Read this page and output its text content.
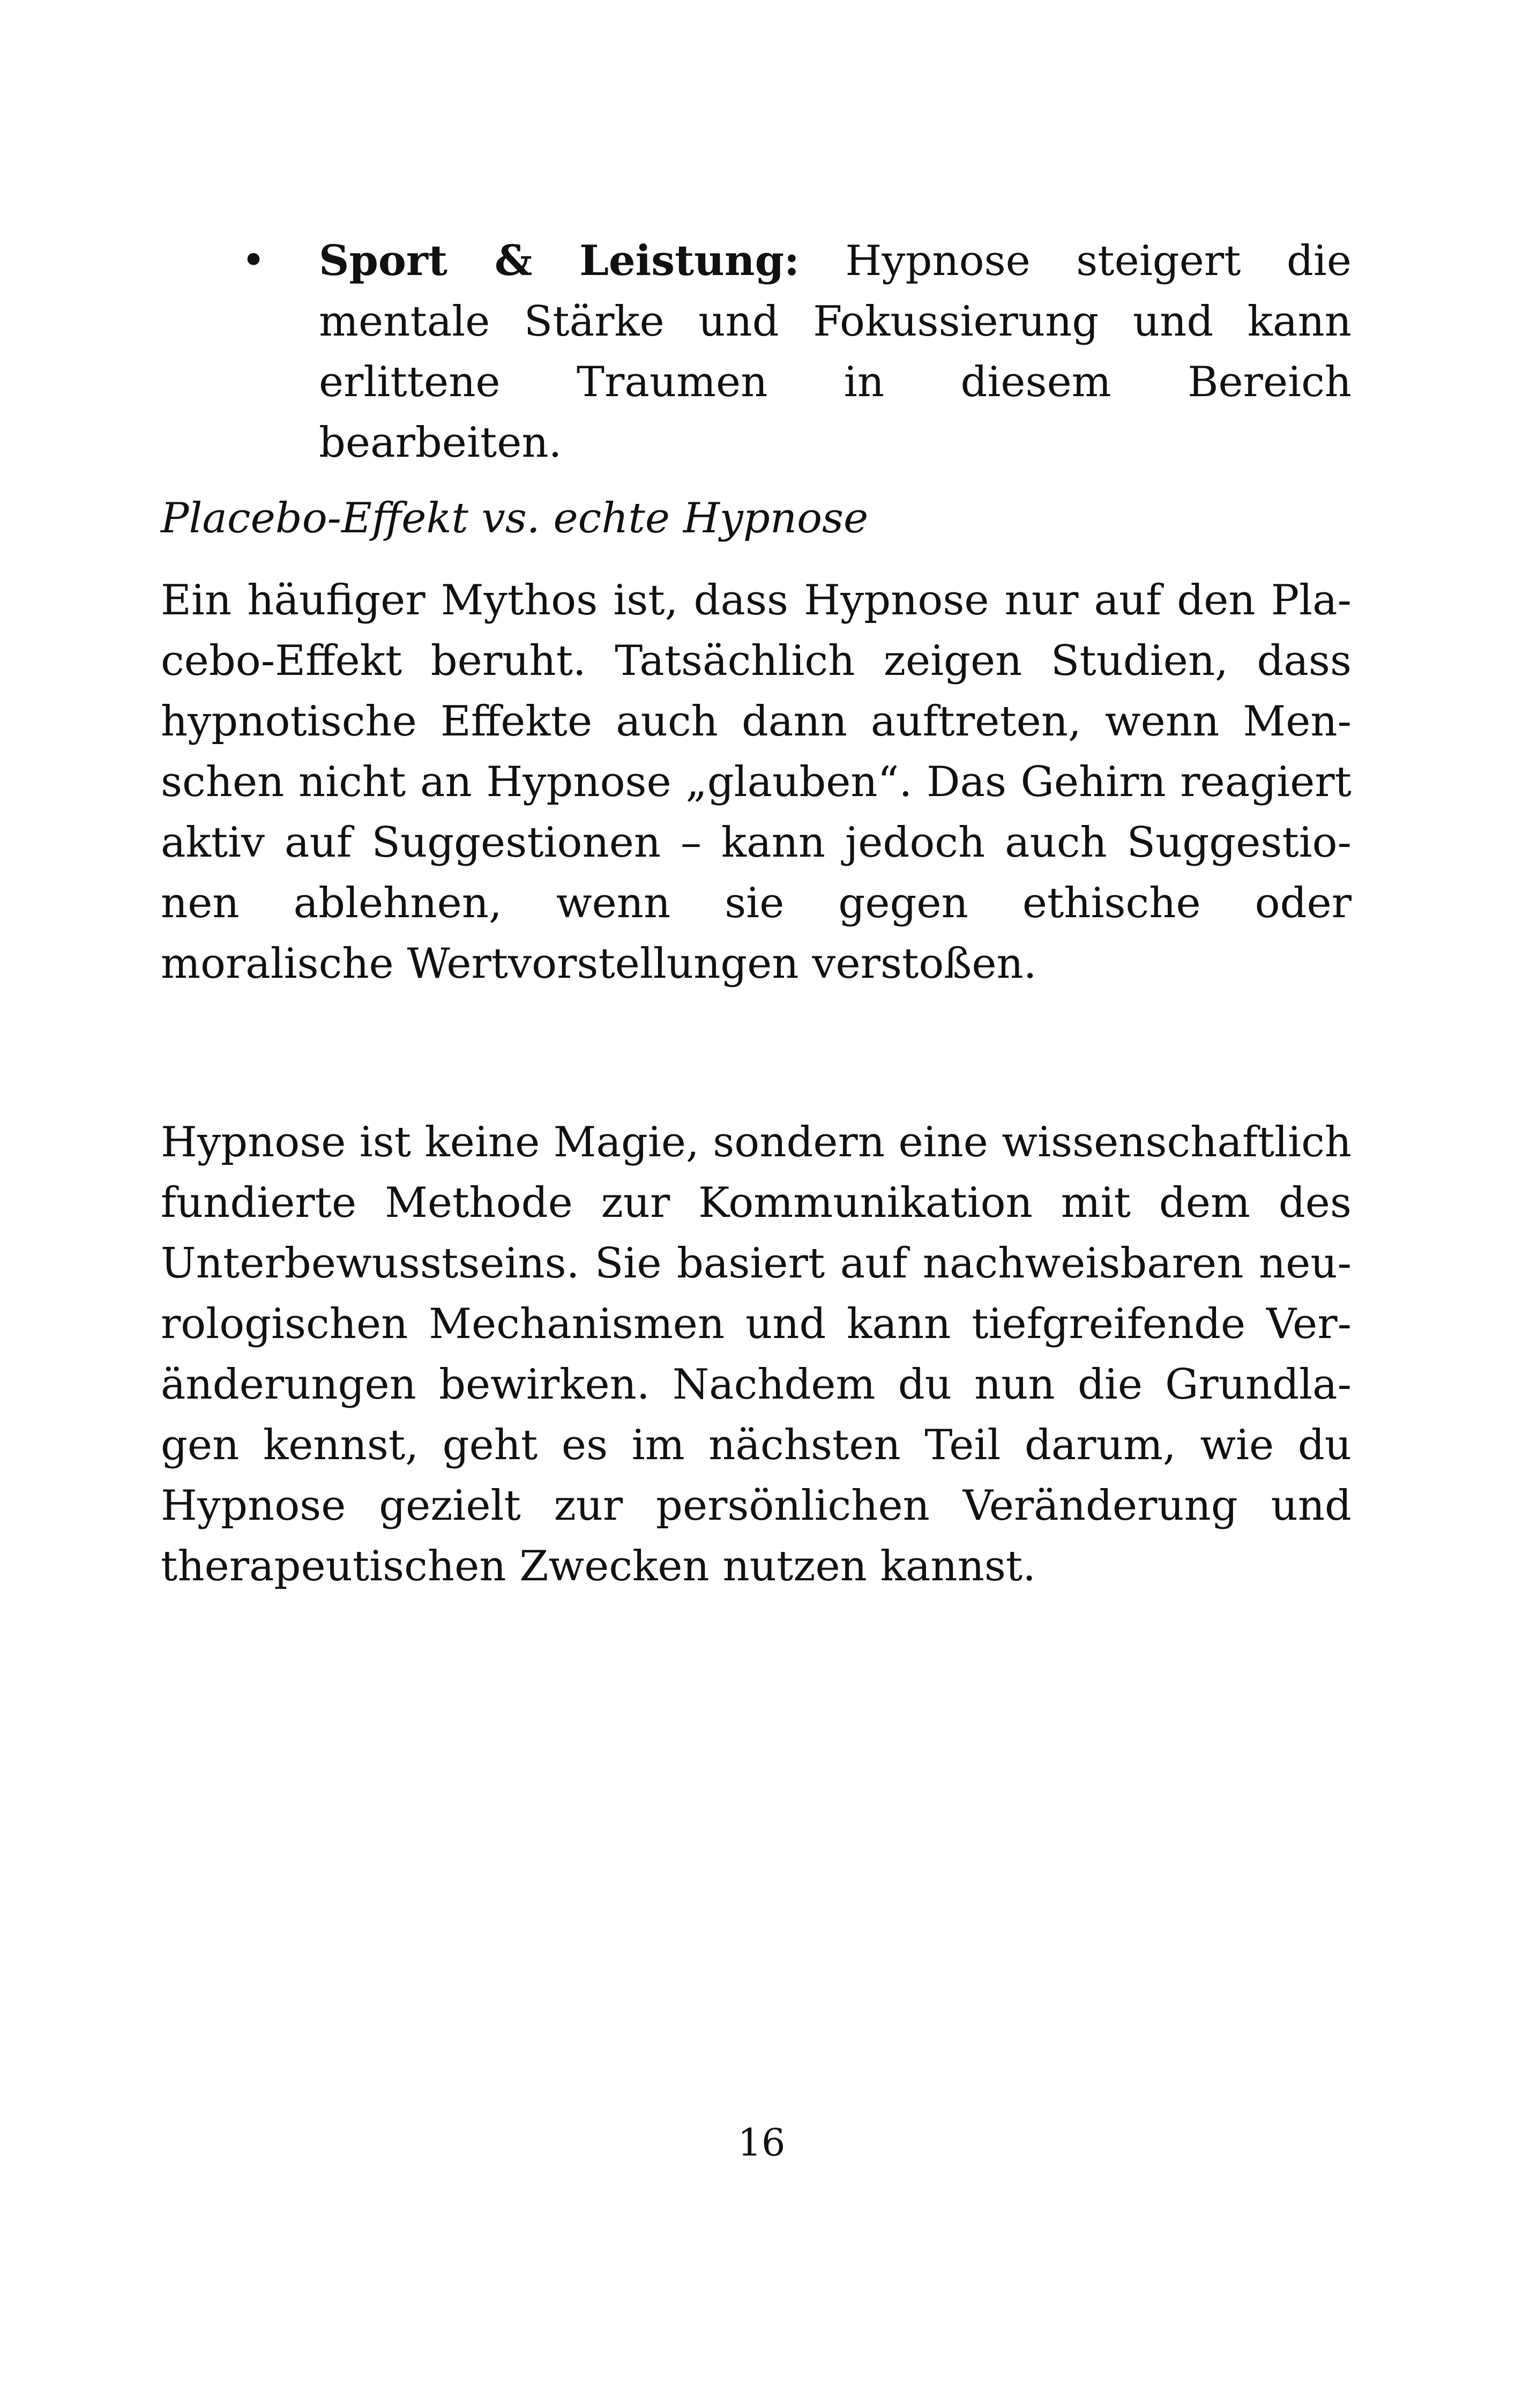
• Sport & Leistung: Hypnose steigert die mentale Stärke und Fokussierung und kann erlittene Traumen in diesem Bereich bearbeiten.

Placebo-Effekt vs. echte Hypnose

Ein häufiger Mythos ist, dass Hypnose nur auf den Placebo-Effekt beruht. Tatsächlich zeigen Studien, dass hypnotische Effekte auch dann auftreten, wenn Menschen nicht an Hypnose „glauben“. Das Gehirn reagiert aktiv auf Suggestionen – kann jedoch auch Suggestionen ablehnen, wenn sie gegen ethische oder moralische Wertvorstellungen verstoßen.

Hypnose ist keine Magie, sondern eine wissenschaftlich fundierte Methode zur Kommunikation mit dem des Unterbewusstseins. Sie basiert auf nachweisbaren neurologischen Mechanismen und kann tiefgreifende Veränderungen bewirken. Nachdem du nun die Grundlagen kennst, geht es im nächsten Teil darum, wie du Hypnose gezielt zur persönlichen Veränderung und therapeutischen Zwecken nutzen kannst.

16
